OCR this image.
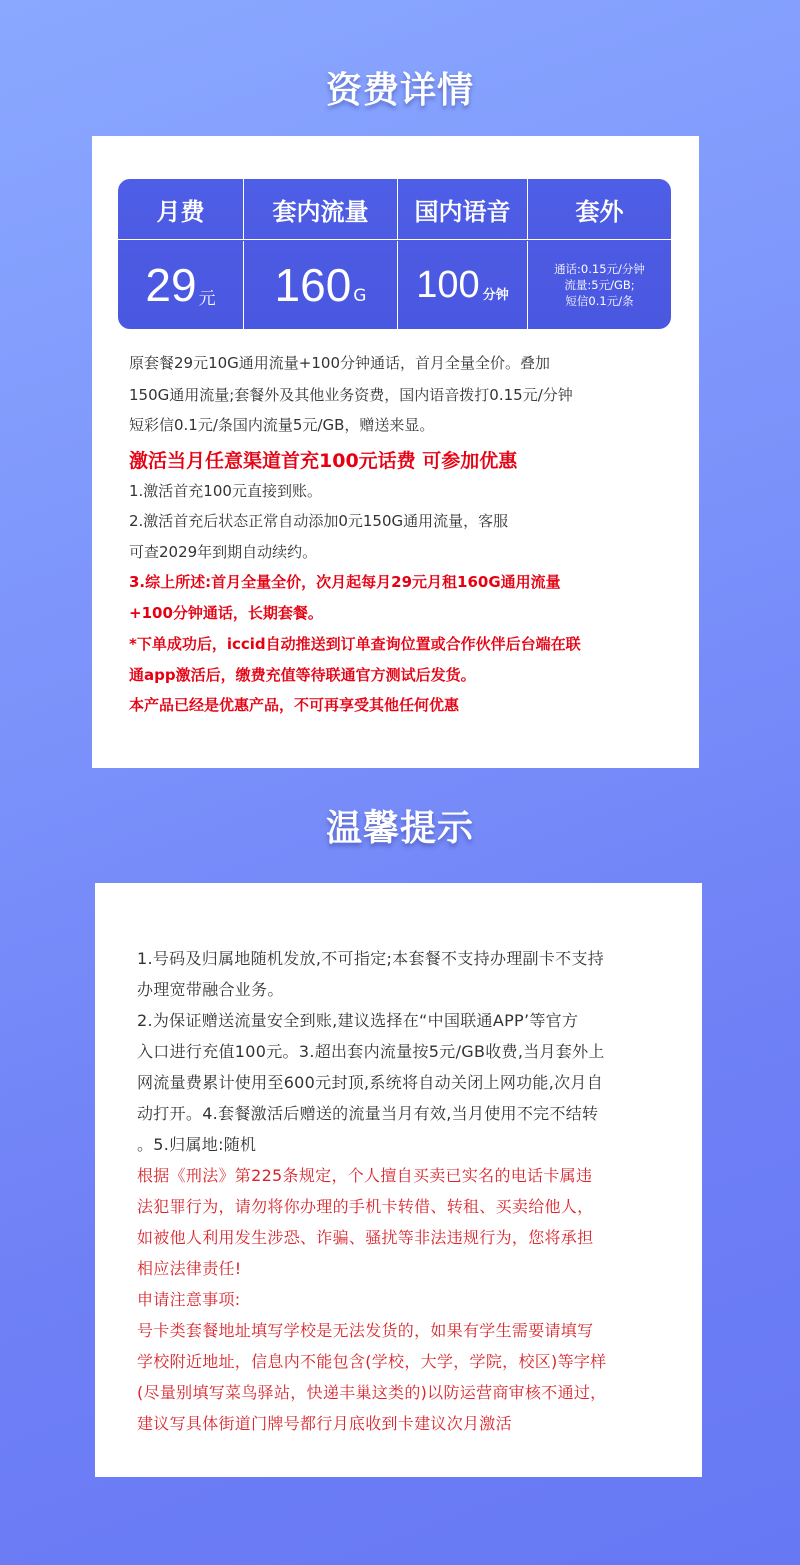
资费详情
月费	套内流量	国内语音	套外
29 元 160 G 100 分钟
通话:0.15元/分钟
流量:5元/GB;
短信0.1元/条
原套餐29元10G通用流量+100分钟通话，首月全量全价。叠加
150G通用流量;套餐外及其他业务资费，国内语音拨打0.15元/分钟
短彩信0.1元/条国内流量5元/GB，赠送来显。
激活当月任意渠道首充100元话费 可参加优惠
1.激活首充100元直接到账。
2.激活首充后状态正常自动添加0元150G通用流量，客服
可查2029年到期自动续约。
3.综上所述:首月全量全价，次月起每月29元月租160G通用流量
+100分钟通话，长期套餐。
*下单成功后，iccid自动推送到订单查询位置或合作伙伴后台端在联
通app激活后，缴费充值等待联通官方测试后发货。
本产品已经是优惠产品，不可再享受其他任何优惠
温馨提示
1.号码及归属地随机发放,不可指定;本套餐不支持办理副卡不支持
办理宽带融合业务。
2.为保证赠送流量安全到账,建议选择在“中国联通APP’等官方
入口进行充值100元。3.超出套内流量按5元/GB收费,当月套外上
网流量费累计使用至600元封顶,系统将自动关闭上网功能,次月自
动打开。4.套餐激活后赠送的流量当月有效,当月使用不完不结转
。5.归属地:随机
根据《刑法》第225条规定，个人擅自买卖已实名的电话卡属违
法犯罪行为，请勿将你办理的手机卡转借、转租、买卖给他人，
如被他人利用发生涉恐、诈骗、骚扰等非法违规行为，您将承担
相应法律责任!
申请注意事项:
号卡类套餐地址填写学校是无法发货的，如果有学生需要请填写
学校附近地址，信息内不能包含(学校，大学，学院，校区)等字样
(尽量别填写菜鸟驿站，快递丰巢这类的)以防运营商审核不通过，
建议写具体街道门牌号都行月底收到卡建议次月激活
